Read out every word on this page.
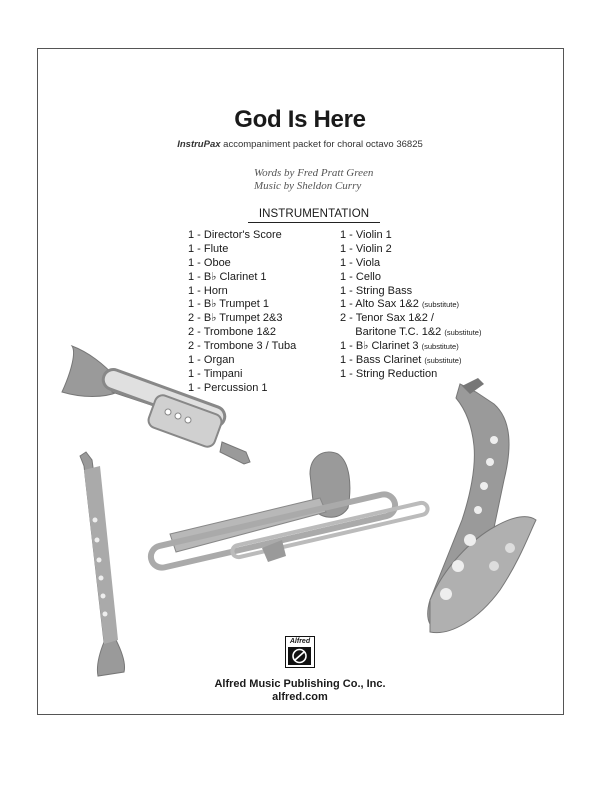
God Is Here
InstruPax accompaniment packet for choral octavo 36825
Words by Fred Pratt Green
Music by Sheldon Curry
INSTRUMENTATION
1 - Director's Score
1 - Flute
1 - Oboe
1 - B♭ Clarinet 1
1 - Horn
1 - B♭ Trumpet 1
2 - B♭ Trumpet 2&3
2 - Trombone 1&2
2 - Trombone 3 / Tuba
1 - Organ
1 - Timpani
1 - Percussion 1
1 - Violin 1
1 - Violin 2
1 - Viola
1 - Cello
1 - String Bass
1 - Alto Sax 1&2 (substitute)
2 - Tenor Sax 1&2 /
Baritone T.C. 1&2 (substitute)
1 - B♭ Clarinet 3 (substitute)
1 - Bass Clarinet (substitute)
1 - String Reduction
Alfred
Alfred Music Publishing Co., Inc.
alfred.com
